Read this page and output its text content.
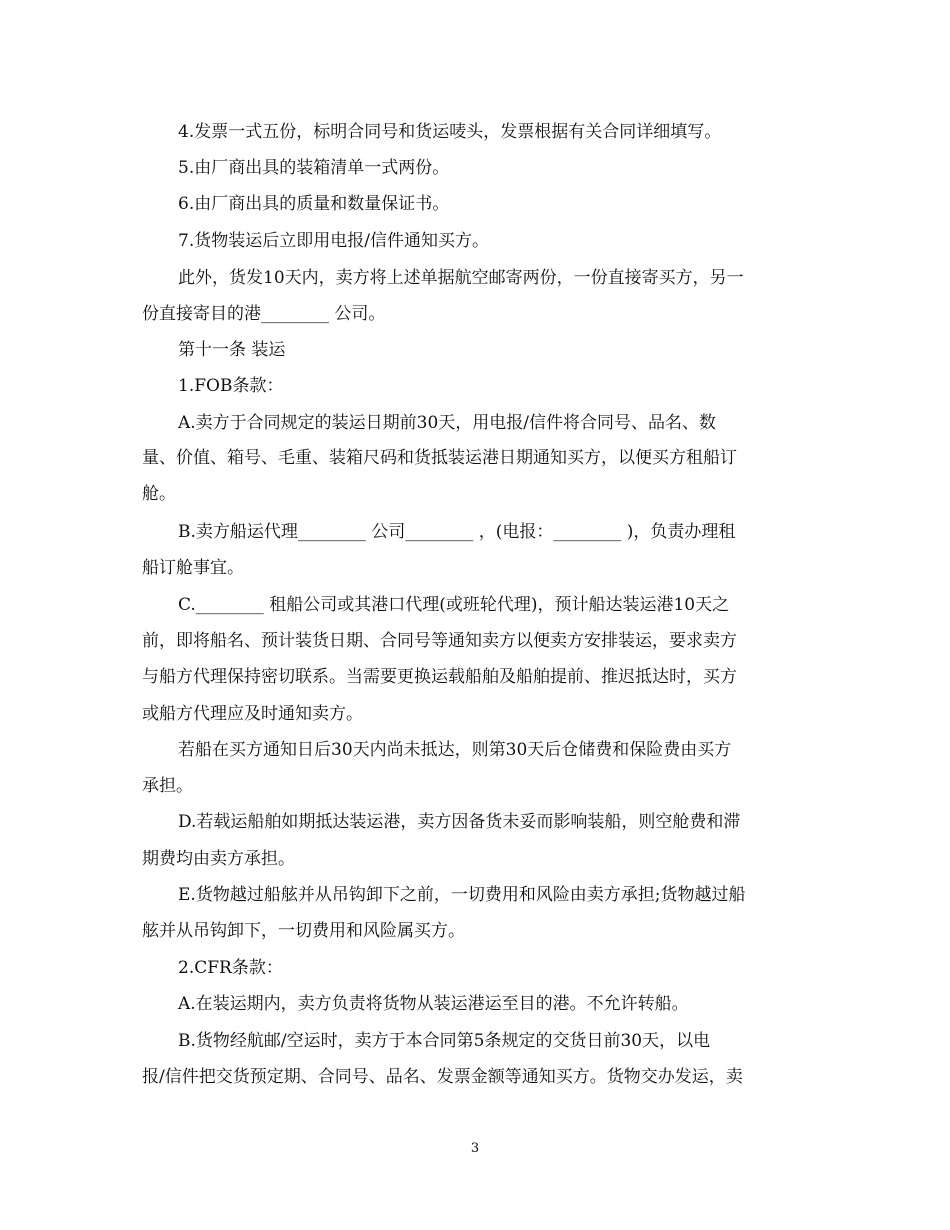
4.发票一式五份，标明合同号和货运唛头，发票根据有关合同详细填写。
5.由厂商出具的装箱清单一式两份。
6.由厂商出具的质量和数量保证书。
7.货物装运后立即用电报/信件通知买方。
此外，货发10天内，卖方将上述单据航空邮寄两份，一份直接寄买方，另一
份直接寄目的港________ 公司。
第十一条 装运
1.FOB条款：
A.卖方于合同规定的装运日期前30天，用电报/信件将合同号、品名、数
量、价值、箱号、毛重、装箱尺码和货抵装运港日期通知买方，以便买方租船订
舱。
B.卖方船运代理________ 公司________ ，(电报：________ )，负责办理租
船订舱事宜。
C.________ 租船公司或其港口代理(或班轮代理)，预计船达装运港10天之
前，即将船名、预计装货日期、合同号等通知卖方以便卖方安排装运，要求卖方
与船方代理保持密切联系。当需要更换运载船舶及船舶提前、推迟抵达时，买方
或船方代理应及时通知卖方。
若船在买方通知日后30天内尚未抵达，则第30天后仓储费和保险费由买方
承担。
D.若载运船舶如期抵达装运港，卖方因备货未妥而影响装船，则空舱费和滞
期费均由卖方承担。
E.货物越过船舷并从吊钩卸下之前，一切费用和风险由卖方承担;货物越过船
舷并从吊钩卸下，一切费用和风险属买方。
2.CFR条款：
A.在装运期内，卖方负责将货物从装运港运至目的港。不允许转船。
B.货物经航邮/空运时，卖方于本合同第5条规定的交货日前30天，以电
报/信件把交货预定期、合同号、品名、发票金额等通知买方。货物交办发运，卖
3
